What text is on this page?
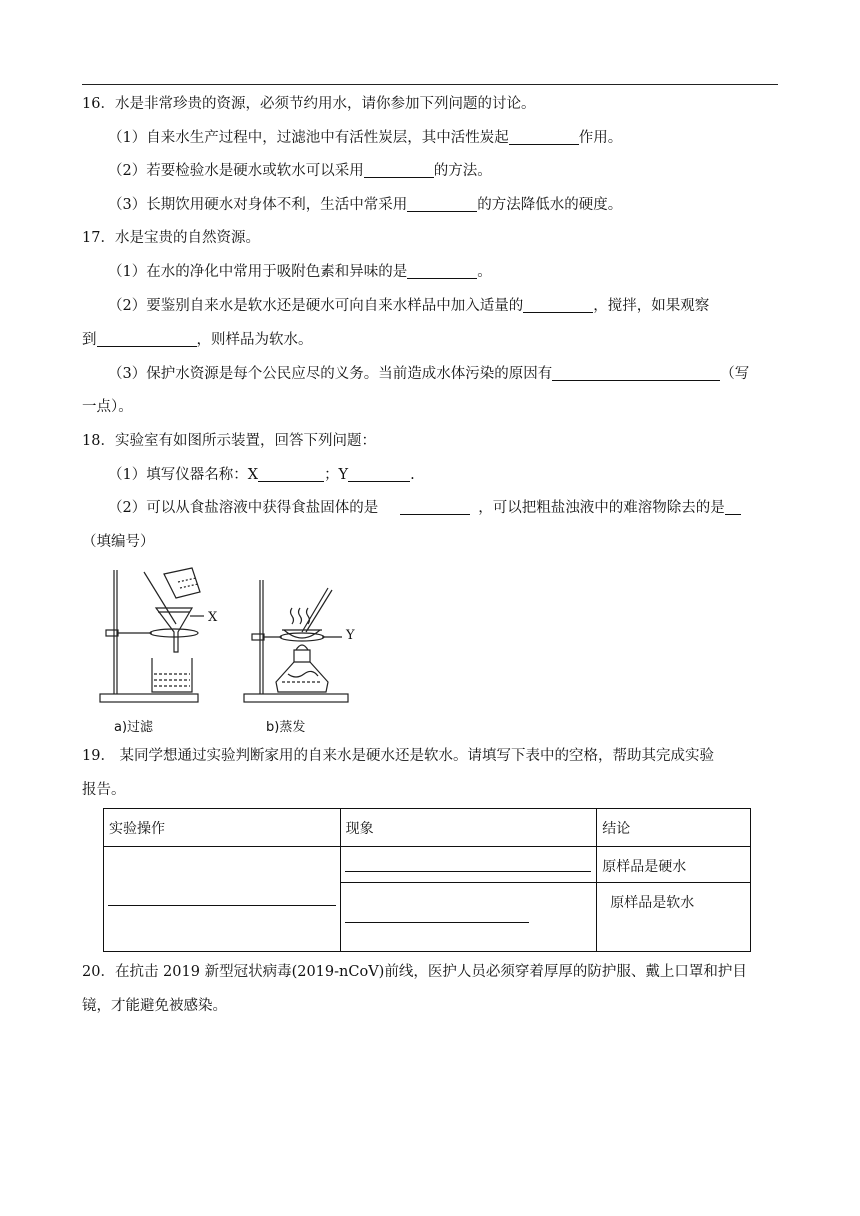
16．水是非常珍贵的资源，必须节约用水，请你参加下列问题的讨论。
（1）自来水生产过程中，过滤池中有活性炭层，其中活性炭起	作用。
（2）若要检验水是硬水或软水可以采用	的方法。
（3）长期饮用硬水对身体不利，生活中常采用	的方法降低水的硬度。
17．水是宝贵的自然资源。
（1）在水的净化中常用于吸附色素和异味的是	。
（2）要鉴别自来水是软水还是硬水可向自来水样品中加入适量的	，搅拌，如果观察
到	，则样品为软水。
（3）保护水资源是每个公民应尽的义务。当前造成水体污染的原因有	（写
一点）。
18．实验室有如图所示装置，回答下列问题：
（1）填写仪器名称：X	；Y	.
（2）可以从食盐溶液中获得食盐固体的是	，可以把粗盐浊液中的难溶物除去的是
（填编号）
X
Y
a)过滤	b)蒸发
19． 某同学想通过实验判断家用的自来水是硬水还是软水。请填写下表中的空格，帮助其完成实验
报告。
实验操作	现象	结论

		原样品是硬水

		原样品是软水
20．在抗击 2019 新型冠状病毒(2019-nCoV)前线，医护人员必须穿着厚厚的防护服、戴上口罩和护目
镜，才能避免被感染。
